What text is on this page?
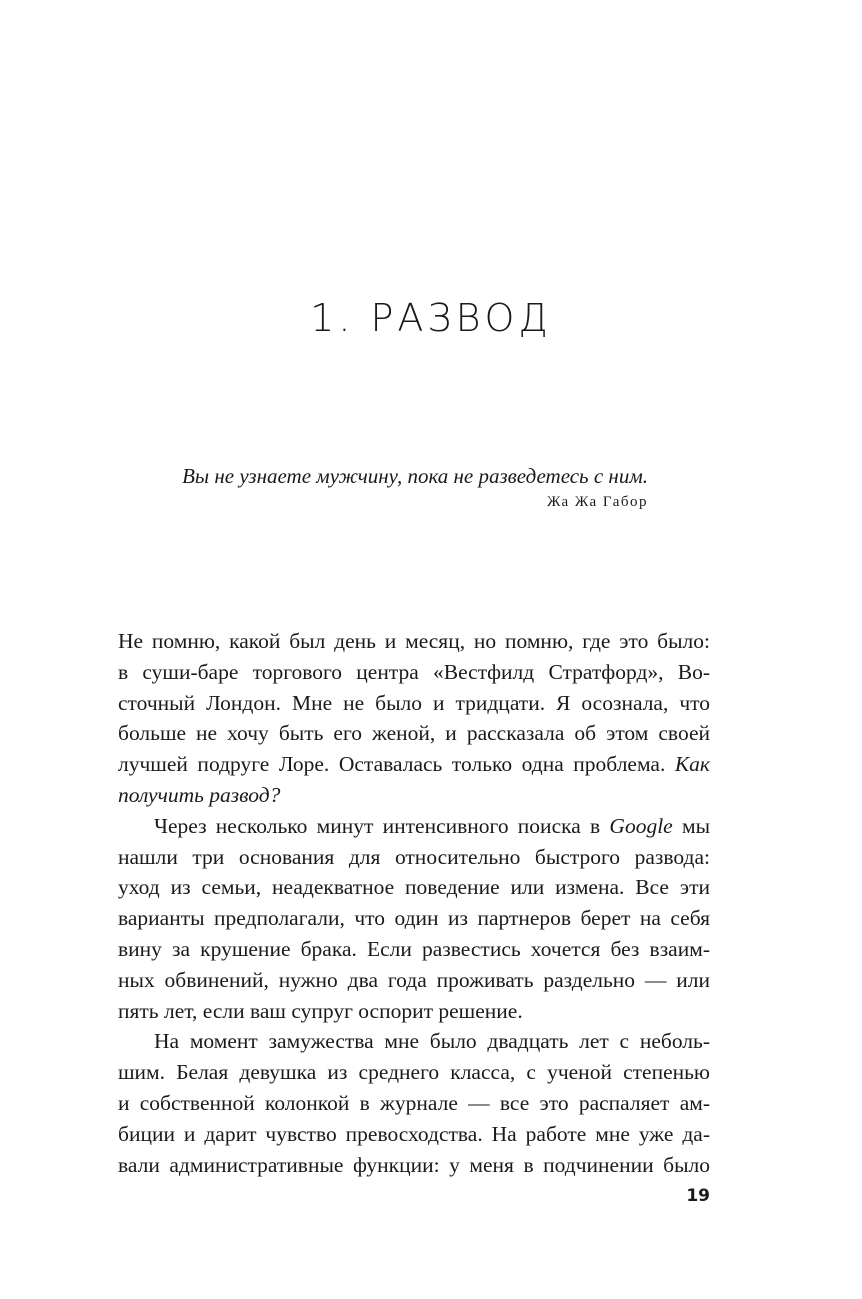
1. РАЗВОД
Вы не узнаете мужчину, пока не разведетесь с ним.
Жа Жа Габор
Не помню, какой был день и месяц, но помню, где это было:
в суши-баре торгового центра «Вестфилд Стратфорд», Во-
сточный Лондон. Мне не было и тридцати. Я осознала, что
больше не хочу быть его женой, и рассказала об этом своей
лучшей подруге Лоре. Оставалась только одна проблема. Как
получить развод?
Через несколько минут интенсивного поиска в Google мы
нашли три основания для относительно быстрого развода:
уход из семьи, неадекватное поведение или измена. Все эти
варианты предполагали, что один из партнеров берет на себя
вину за крушение брака. Если развестись хочется без взаим-
ных обвинений, нужно два года проживать раздельно — или
пять лет, если ваш супруг оспорит решение.
На момент замужества мне было двадцать лет с неболь-
шим. Белая девушка из среднего класса, с ученой степенью
и собственной колонкой в журнале — все это распаляет ам-
биции и дарит чувство превосходства. На работе мне уже да-
вали административные функции: у меня в подчинении было
19
